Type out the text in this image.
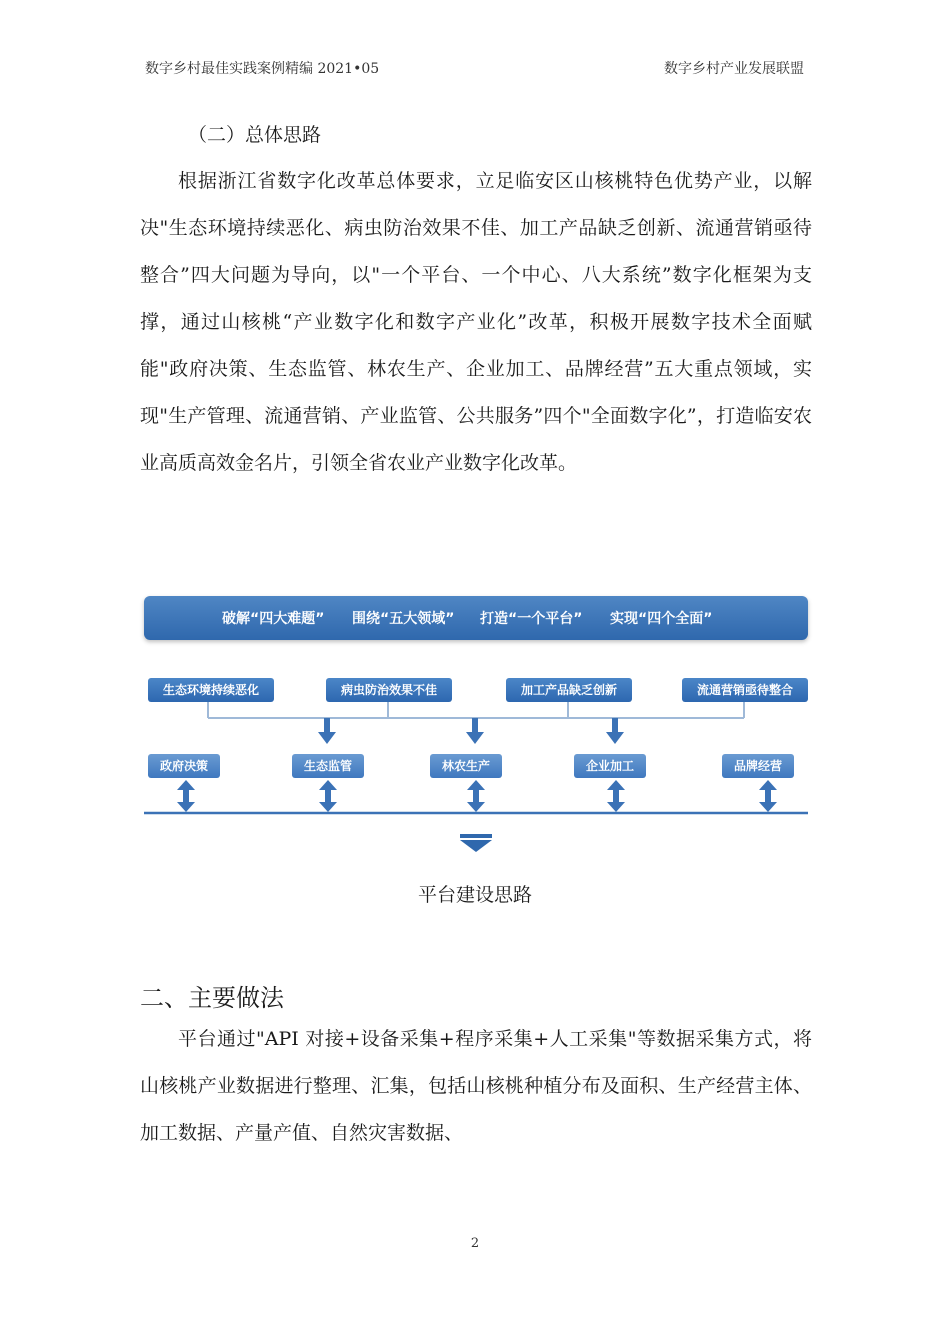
数字乡村最佳实践案例精编 2021•05	数字乡村产业发展联盟
（二）总体思路

根据浙江省数字化改革总体要求，立足临安区山核桃特色优势产业，以解决"生态环境持续恶化、病虫防治效果不佳、加工产品缺乏创新、流通营销亟待整合”四大问题为导向，以"一个平台、一个中心、八大系统”数字化框架为支撑，通过山核桃“产业数字化和数字产业化”改革，积极开展数字技术全面赋能"政府决策、生态监管、林农生产、企业加工、品牌经营”五大重点领域，实现"生产管理、流通营销、产业监管、公共服务”四个"全面数字化”，打造临安农业高质高效金名片，引领全省农业产业数字化改革。

破解“四大难题” 围绕“五大领域” 打造“一个平台” 实现“四个全面”
生态环境持续恶化	病虫防治效果不佳	加工产品缺乏创新	流通营销亟待整合
政府决策	生态监管	林农生产	企业加工	品牌经营
平台建设思路
二、主要做法

平台通过"API 对接+设备采集+程序采集+人工采集"等数据采集方式，将山核桃产业数据进行整理、汇集，包括山核桃种植分布及面积、生产经营主体、加工数据、产量产值、自然灾害数据、

2
